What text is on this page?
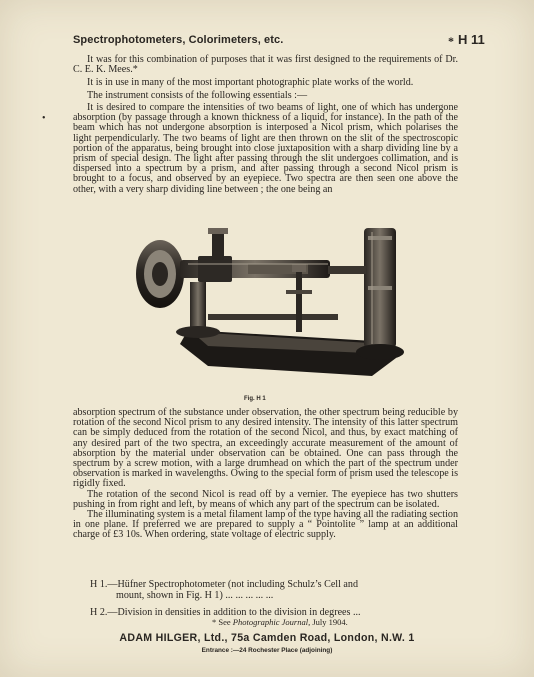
Spectrophotometers, Colorimeters, etc.	* H 11

It was for this combination of purposes that it was first designed to the requirements of Dr. C. E. K. Mees.*

It is in use in many of the most important photographic plate works of the world.

The instrument consists of the following essentials :—

•

It is desired to compare the intensities of two beams of light, one of which has undergone absorption (by passage through a known thickness of a liquid, for instance). In the path of the beam which has not undergone absorption is interposed a Nicol prism, which polarises the light perpendicularly. The two beams of light are then thrown on the slit of the spectroscopic portion of the apparatus, being brought into close juxtaposition with a sharp dividing line by a prism of special design. The light after passing through the slit undergoes collimation, and is dispersed into a spectrum by a prism, and after passing through a second Nicol prism is brought to a focus, and observed by an eyepiece. Two spectra are then seen one above the other, with a very sharp dividing line between ; the one being an

Fig. H 1

absorption spectrum of the substance under observation, the other spectrum being reducible by rotation of the second Nicol prism to any desired intensity. The intensity of this latter spectrum can be simply deduced from the rotation of the second Nicol, and thus, by exact matching of any desired part of the two spectra, an exceedingly accurate measurement of the amount of absorption by the material under observation can be obtained. One can pass through the spectrum by a screw motion, with a large drumhead on which the part of the spectrum under observation is marked in wavelengths. Owing to the special form of prism used the telescope is rigidly fixed.

The rotation of the second Nicol is read off by a vernier. The eyepiece has two shutters pushing in from right and left, by means of which any part of the spectrum can be isolated.

The illuminating system is a metal filament lamp of the type having all the radiating section in one plane. If preferred we are prepared to supply a “ Pointolite ” lamp at an additional charge of £3 10s. When ordering, state voltage of electric supply.

H 1.—Hüfner Spectrophotometer (not including Schulz’s Cell and
mount, shown in Fig. H 1) ... ... ... ... ...
H 2.—Division in densities in addition to the division in degrees ...
* See Photographic Journal, July 1904.
ADAM HILGER, Ltd., 75a Camden Road, London, N.W. 1
Entrance :—24 Rochester Place (adjoining)
